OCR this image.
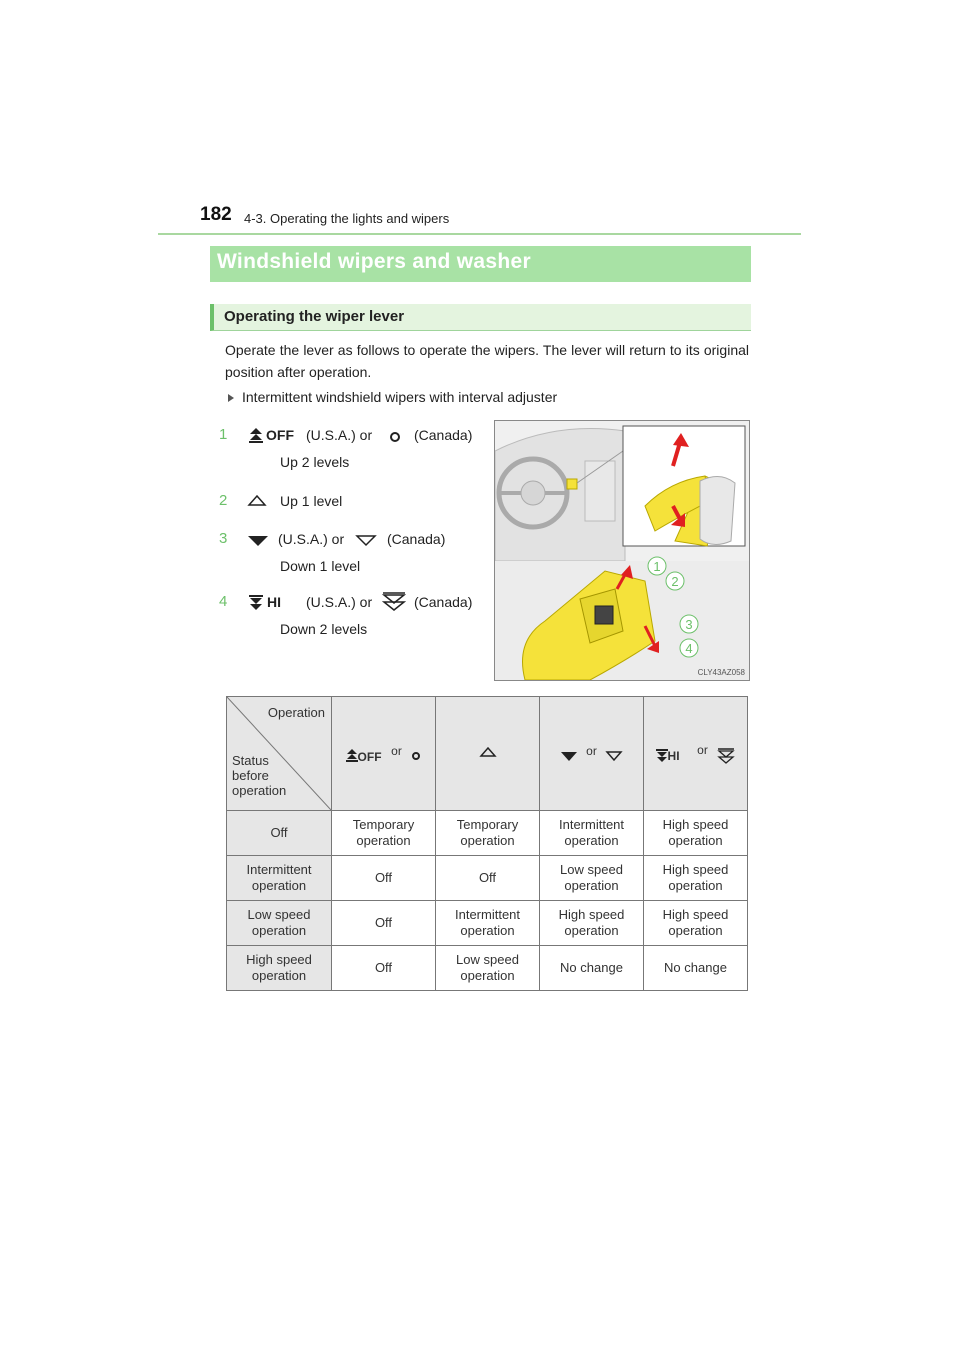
182 4-3. Operating the lights and wipers
Windshield wipers and washer
Operating the wiper lever
Operate the lever as follows to operate the wipers. The lever will return to its original position after operation.
Intermittent windshield wipers with interval adjuster
1	OFF (U.S.A.) or	(Canada)
Up 2 levels
2	Up 1 level
3	(U.S.A.) or	(Canada)
Down 1 level
4	HI (U.S.A.) or	(Canada)
Down 2 levels
1
2
3
4
CLY43AZ058
Operation
Status before operation	OFF or		or	HI or
Off	Temporary operation	Temporary operation	Intermittent operation	High speed operation
Intermittent operation	Off	Off	Low speed operation	High speed operation
Low speed operation	Off	Intermittent operation	High speed operation	High speed operation
High speed operation	Off	Low speed operation	No change	No change
